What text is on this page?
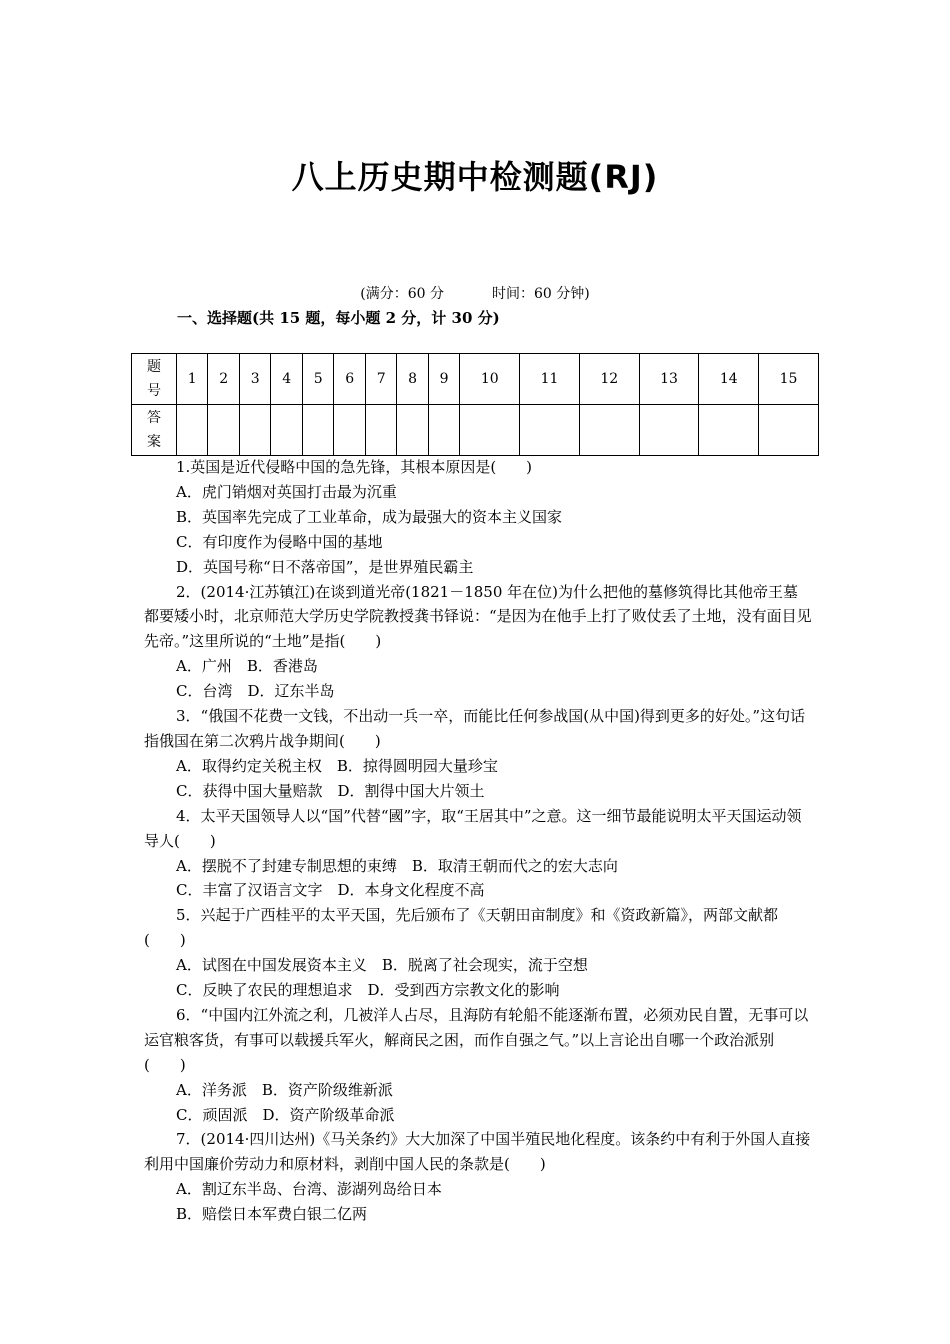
八上历史期中检测题(RJ)
(满分：60 分	时间：60 分钟)
一、选择题(共 15 题，每小题 2 分，计 30 分)
题
号	1	2	3	4	5	6	7	8	9	10	11	12	13	14	15
答
案															

1.英国是近代侵略中国的急先锋，其根本原因是(　　)

A．虎门销烟对英国打击最为沉重

B．英国率先完成了工业革命，成为最强大的资本主义国家

C．有印度作为侵略中国的基地

D．英国号称“日不落帝国”，是世界殖民霸主

2．(2014·江苏镇江)在谈到道光帝(1821－1850 年在位)为什么把他的墓修筑得比其他帝王墓都要矮小时，北京师范大学历史学院教授龚书铎说：“是因为在他手上打了败仗丢了土地，没有面目见先帝。”这里所说的“土地”是指(　　)

A．广州　B．香港岛

C．台湾　D．辽东半岛

3．“俄国不花费一文钱，不出动一兵一卒，而能比任何参战国(从中国)得到更多的好处。”这句话指俄国在第二次鸦片战争期间(　　)

A．取得约定关税主权　B．掠得圆明园大量珍宝

C．获得中国大量赔款　D．割得中国大片领土

4．太平天国领导人以“国”代替“國”字，取“王居其中”之意。这一细节最能说明太平天国运动领导人(　　)

A．摆脱不了封建专制思想的束缚　B．取清王朝而代之的宏大志向

C．丰富了汉语言文字　D．本身文化程度不高

5．兴起于广西桂平的太平天国，先后颁布了《天朝田亩制度》和《资政新篇》，两部文献都(　　)

A．试图在中国发展资本主义　B．脱离了社会现实，流于空想

C．反映了农民的理想追求　D．受到西方宗教文化的影响

6．“中国内江外流之利，几被洋人占尽，且海防有轮船不能逐渐布置，必须劝民自置，无事可以运官粮客货，有事可以载援兵军火，解商民之困，而作自强之气。”以上言论出自哪一个政治派别(　　)

A．洋务派　B．资产阶级维新派

C．顽固派　D．资产阶级革命派

7．(2014·四川达州)《马关条约》大大加深了中国半殖民地化程度。该条约中有利于外国人直接利用中国廉价劳动力和原材料，剥削中国人民的条款是(　　)

A．割辽东半岛、台湾、澎湖列岛给日本

B．赔偿日本军费白银二亿两
